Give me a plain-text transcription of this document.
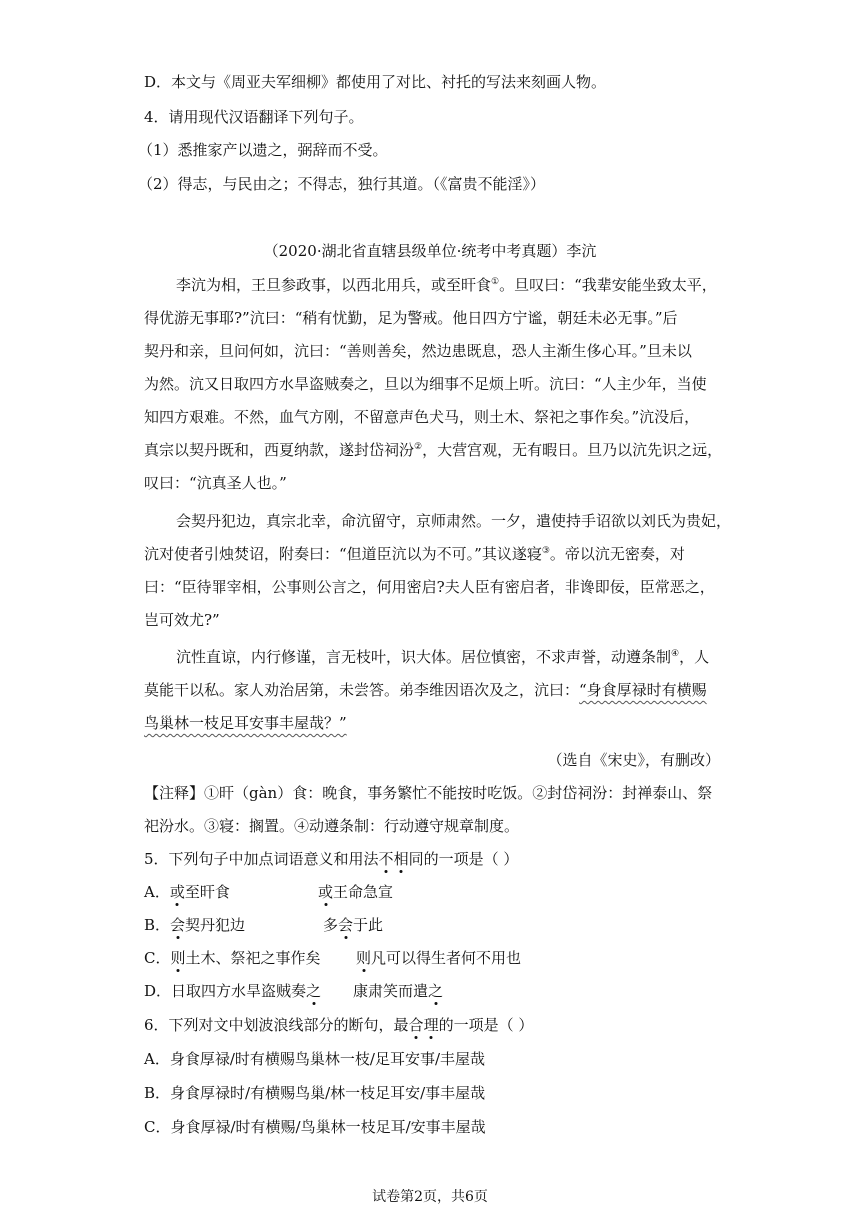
D．本文与《周亚夫军细柳》都使用了对比、衬托的写法来刻画人物。
4．请用现代汉语翻译下列句子。
（1）悉推家产以遗之，弼辞而不受。
（2）得志，与民由之；不得志，独行其道。（《富贵不能淫》）
（2020·湖北省直辖县级单位·统考中考真题）李沆
李沆为相，王旦参政事，以西北用兵，或至旰食①。旦叹曰：“我辈安能坐致太平，
得优游无事耶?”沆曰：“稍有忧勤，足为警戒。他日四方宁谧，朝廷未必无事。”后
契丹和亲，旦问何如，沆曰：“善则善矣，然边患既息，恐人主渐生侈心耳。”旦未以
为然。沆又日取四方水旱盗贼奏之，旦以为细事不足烦上听。沆曰：“人主少年，当使
知四方艰难。不然，血气方刚，不留意声色犬马，则土木、祭祀之事作矣。”沆没后，
真宗以契丹既和，西夏纳款，遂封岱祠汾②，大营宫观，无有暇日。旦乃以沆先识之远，
叹曰：“沆真圣人也。”
会契丹犯边，真宗北幸，命沆留守，京师肃然。一夕，遣使持手诏欲以刘氏为贵妃，
沆对使者引烛焚诏，附奏曰：“但道臣沆以为不可。”其议遂寝③。帝以沆无密奏，对
曰：“臣待罪宰相，公事则公言之，何用密启?夫人臣有密启者，非谗即佞，臣常恶之，
岂可效尤?”
沆性直谅，内行修谨，言无枝叶，识大体。居位慎密，不求声誉，动遵条制④，人
莫能干以私。家人劝治居第，未尝答。弟李维因语次及之，沆曰：“身食厚禄时有横赐
鸟巢林一枝足耳安事丰屋哉？”
（选自《宋史》，有删改）
【注释】①旰（gàn）食：晚食，事务繁忙不能按时吃饭。②封岱祠汾：封禅泰山、祭
祀汾水。③寝：搁置。④动遵条制：行动遵守规章制度。
5．下列句子中加点词语意义和用法不相同的一项是（ ）
A．或至旰食	或王命急宣
B．会契丹犯边	多会于此
C．则土木、祭祀之事作矣 则凡可以得生者何不用也
D．日取四方水旱盗贼奏之 康肃笑而遣之
6．下列对文中划波浪线部分的断句，最合理的一项是（ ）
A．身食厚禄/时有横赐鸟巢林一枝/足耳安事/丰屋哉
B．身食厚禄时/有横赐鸟巢/林一枝足耳安/事丰屋哉
C．身食厚禄/时有横赐/鸟巢林一枝足耳/安事丰屋哉
试卷第2页，共6页
